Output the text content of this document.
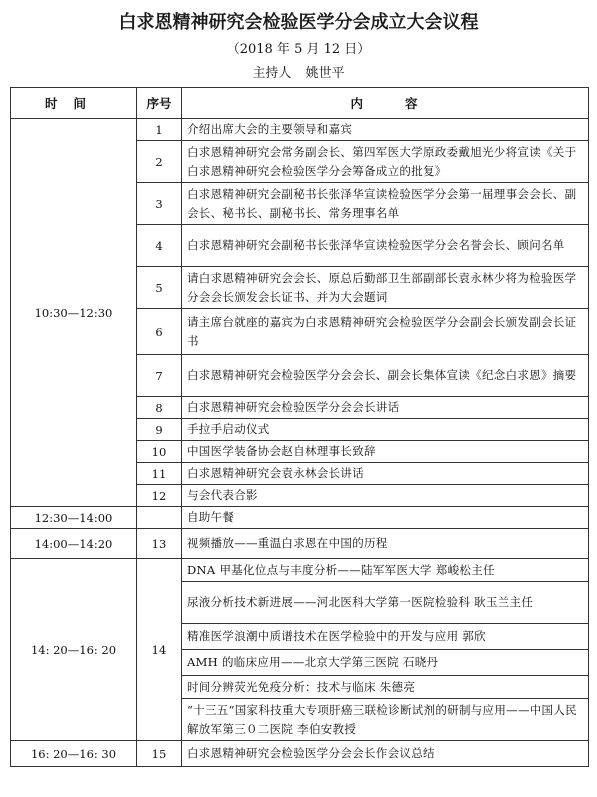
白求恩精神研究会检验医学分会成立大会议程
（2018 年 5 月 12 日）
主持人 姚世平
时间	序号	内容
10:30—12:30	1	介绍出席大会的主要领导和嘉宾
	2	白求恩精神研究会常务副会长、第四军医大学原政委戴旭光少将宣读《关于白求恩精神研究会检验医学分会筹备成立的批复》
	3	白求恩精神研究会副秘书长张泽华宣读检验医学分会第一届理事会会长、副会长、秘书长、副秘书长、常务理事名单
	4	白求恩精神研究会副秘书长张泽华宣读检验医学分会名誉会长、顾问名单
	5	请白求恩精神研究会会长、原总后勤部卫生部副部长袁永林少将为检验医学分会会长颁发会长证书、并为大会题词
	6	请主席台就座的嘉宾为白求恩精神研究会检验医学分会副会长颁发副会长证书
	7	白求恩精神研究会检验医学分会会长、副会长集体宣读《纪念白求恩》摘要
	8	白求恩精神研究会检验医学分会会长讲话
	9	手拉手启动仪式
	10	中国医学装备协会赵自林理事长致辞
	11	白求恩精神研究会袁永林会长讲话
	12	与会代表合影
12:30—14:00		自助午餐
14:00—14:20	13	视频播放——重温白求恩在中国的历程
14: 20—16: 20	14	DNA 甲基化位点与丰度分析——陆军军医大学 郑峻松主任
		尿液分析技术新进展——河北医科大学第一医院检验科 耿玉兰主任
		精准医学浪潮中质谱技术在医学检验中的开发与应用 郭欣
		AMH 的临床应用——北京大学第三医院 石晓丹
		时间分辨荧光免疫分析：技术与临床 朱德亮
		“十三五”国家科技重大专项肝癌三联检诊断试剂的研制与应用——中国人民解放军第三０二医院 李伯安教授
16: 20—16: 30	15	白求恩精神研究会检验医学分会会长作会议总结
